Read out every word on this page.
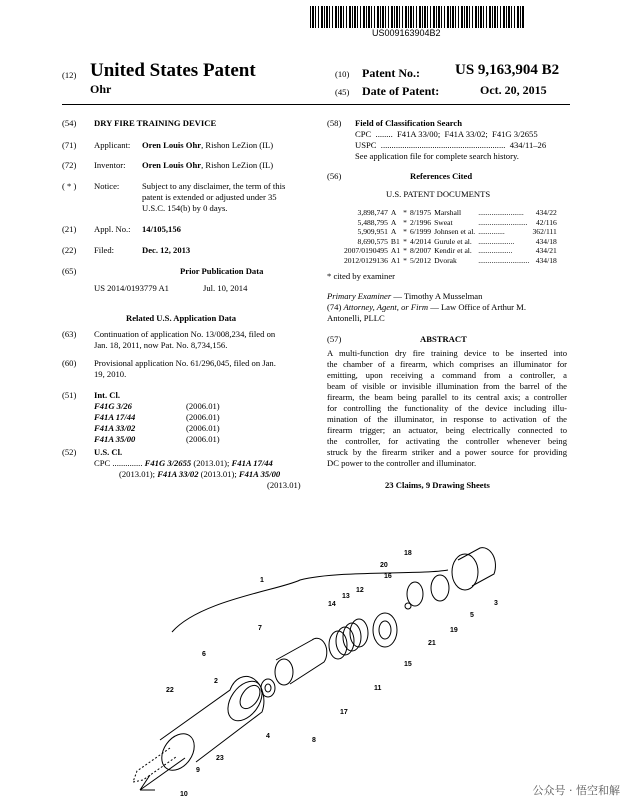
US009163904B2
(12) United States Patent
Ohr
(10) Patent No.: US 9,163,904 B2
(45) Date of Patent:	Oct. 20, 2015
(54) DRY FIRE TRAINING DEVICE
(71) Applicant: Oren Louis Ohr, Rishon LeZion (IL)
(72) Inventor: Oren Louis Ohr, Rishon LeZion (IL)
( * ) Notice:	Subject to any disclaimer, the term of this
patent is extended or adjusted under 35
U.S.C. 154(b) by 0 days.
(21) Appl. No.: 14/105,156
(22) Filed:	Dec. 12, 2013
(65)	Prior Publication Data
US 2014/0193779 A1	Jul. 10, 2014
Related U.S. Application Data
(63) Continuation of application No. 13/008,234, filed on
Jan. 18, 2011, now Pat. No. 8,734,156.
(60) Provisional application No. 61/296,045, filed on Jan.
19, 2010.
(51) Int. Cl.
F41G 3/26	(2006.01)
F41A 17/44	(2006.01)
F41A 33/02	(2006.01)
F41A 35/00	(2006.01)
(52) U.S. Cl.
CPC .............. F41G 3/2655 (2013.01); F41A 17/44
(2013.01); F41A 33/02 (2013.01); F41A 35/00
(2013.01)
(58) Field of Classification Search
CPC  ........  F41A 33/00;  F41A 33/02;  F41G 3/2655
USPC  ..........................................................  434/11–26
See application file for complete search history.
(56)	References Cited
U.S. PATENT DOCUMENTS
3,898,747	A	*	8/1975	Marshall	........................	434/22
5,488,795	A	*	2/1996	Sweat	..........................	42/116
5,909,951	A	*	6/1999	Johnsen et al.	..............	362/111
8,690,575	B1	*	4/2014	Gurule et al.	...................	434/18
2007/0190495	A1	*	8/2007	Kendir et al.	..................	434/21
2012/0129136	A1	*	5/2012	Dvorak	...........................	434/18
* cited by examiner
Primary Examiner — Timothy A Musselman
(74) Attorney, Agent, or Firm — Law Office of Arthur M.
Antonelli, PLLC
(57)	ABSTRACT
A multi-function dry fire training device to be inserted into
the chamber of a firearm, which comprises an illuminator for
emitting, upon receiving a command from a controller, a
beam of visible or invisible illumination from the barrel of the
firearm, the beam being parallel to its central axis; a controller
for controlling the functionality of the device including illu-
mination of the illuminator, in response to activation of the
firearm trigger; an actuator, being electrically connected to
the controller, for activating the controller whenever being
struck by the firearm striker and a power source for providing
DC power to the controller and illuminator.
23 Claims, 9 Drawing Sheets
1
2
3
4
5
6
7
8
9
10
11
12
13
14
15
16
17
18
19
20
21
22
23
公众号 · 悟空和解
